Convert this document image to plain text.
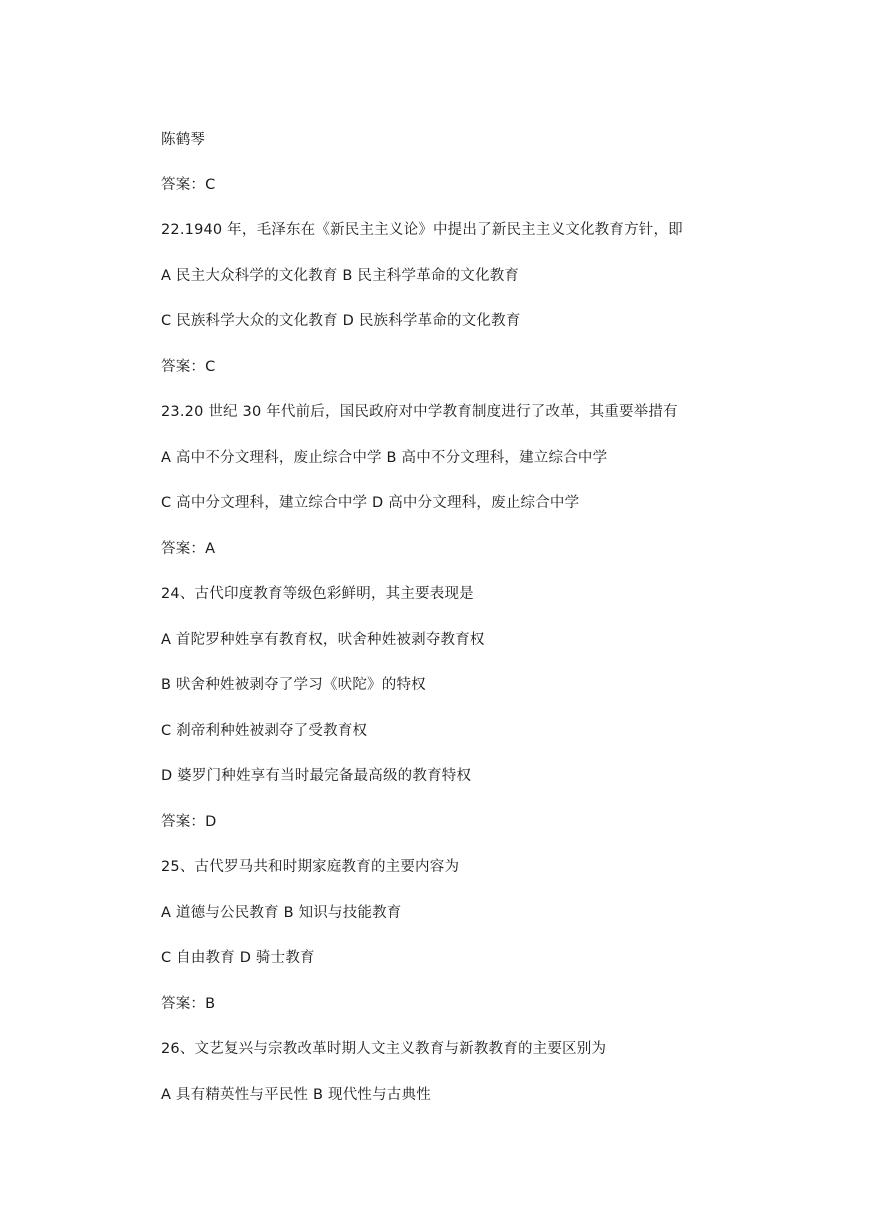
陈鹤琴
答案：C
22.1940 年，毛泽东在《新民主主义论》中提出了新民主主义文化教育方针，即
A 民主大众科学的文化教育 B 民主科学革命的文化教育
C 民族科学大众的文化教育 D 民族科学革命的文化教育
答案：C
23.20 世纪 30 年代前后，国民政府对中学教育制度进行了改革，其重要举措有
A 高中不分文理科，废止综合中学 B 高中不分文理科，建立综合中学
C 高中分文理科，建立综合中学 D 高中分文理科，废止综合中学
答案：A
24、古代印度教育等级色彩鲜明，其主要表现是
A 首陀罗种姓享有教育权，吠舍种姓被剥夺教育权
B 吠舍种姓被剥夺了学习《吠陀》的特权
C 刹帝利种姓被剥夺了受教育权
D 婆罗门种姓享有当时最完备最高级的教育特权
答案：D
25、古代罗马共和时期家庭教育的主要内容为
A 道德与公民教育 B 知识与技能教育
C 自由教育 D 骑士教育
答案：B
26、文艺复兴与宗教改革时期人文主义教育与新教教育的主要区别为
A 具有精英性与平民性 B 现代性与古典性
